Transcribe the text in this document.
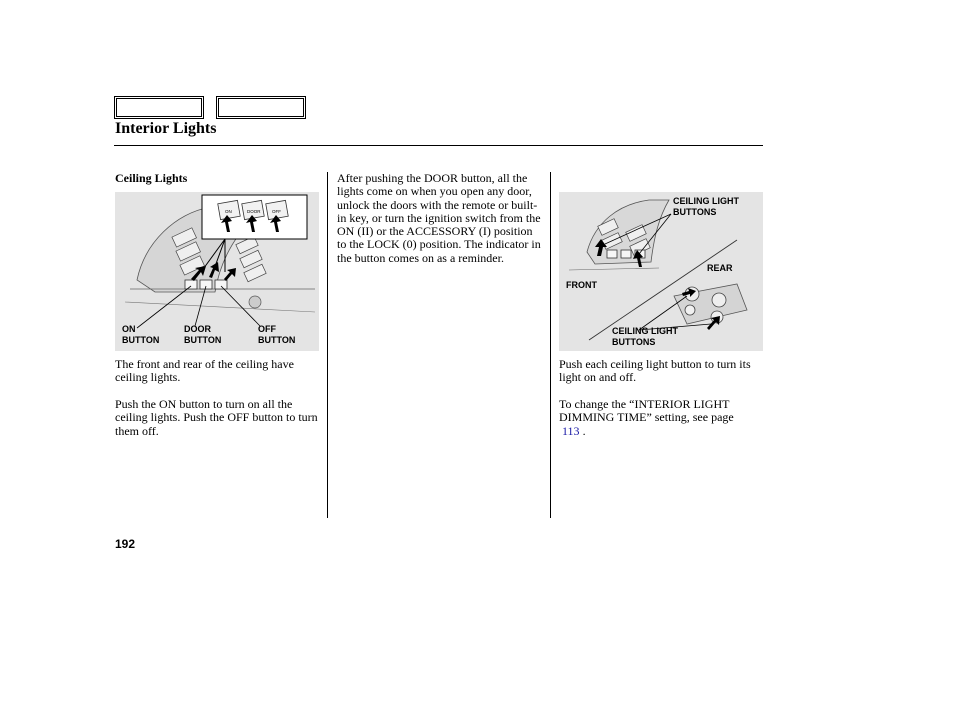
Interior Lights
Ceiling Lights
ON	DOOR	OFF
ON
BUTTON
DOOR
BUTTON
OFF
BUTTON

The front and rear of the ceiling have ceiling lights.

Push the ON button to turn on all the ceiling lights. Push the OFF button to turn them off.

After pushing the DOOR button, all the lights come on when you open any door, unlock the doors with the remote or built-in key, or turn the ignition switch from the ON (II) or the ACCESSORY (I) position to the LOCK (0) position. The indicator in the button comes on as a reminder.

CEILING LIGHT
BUTTONS
REAR
FRONT
CEILING LIGHT
BUTTONS

Push each ceiling light button to turn its light on and off.

To change the “INTERIOR LIGHT DIMMING TIME” setting, see page
113 .

192
